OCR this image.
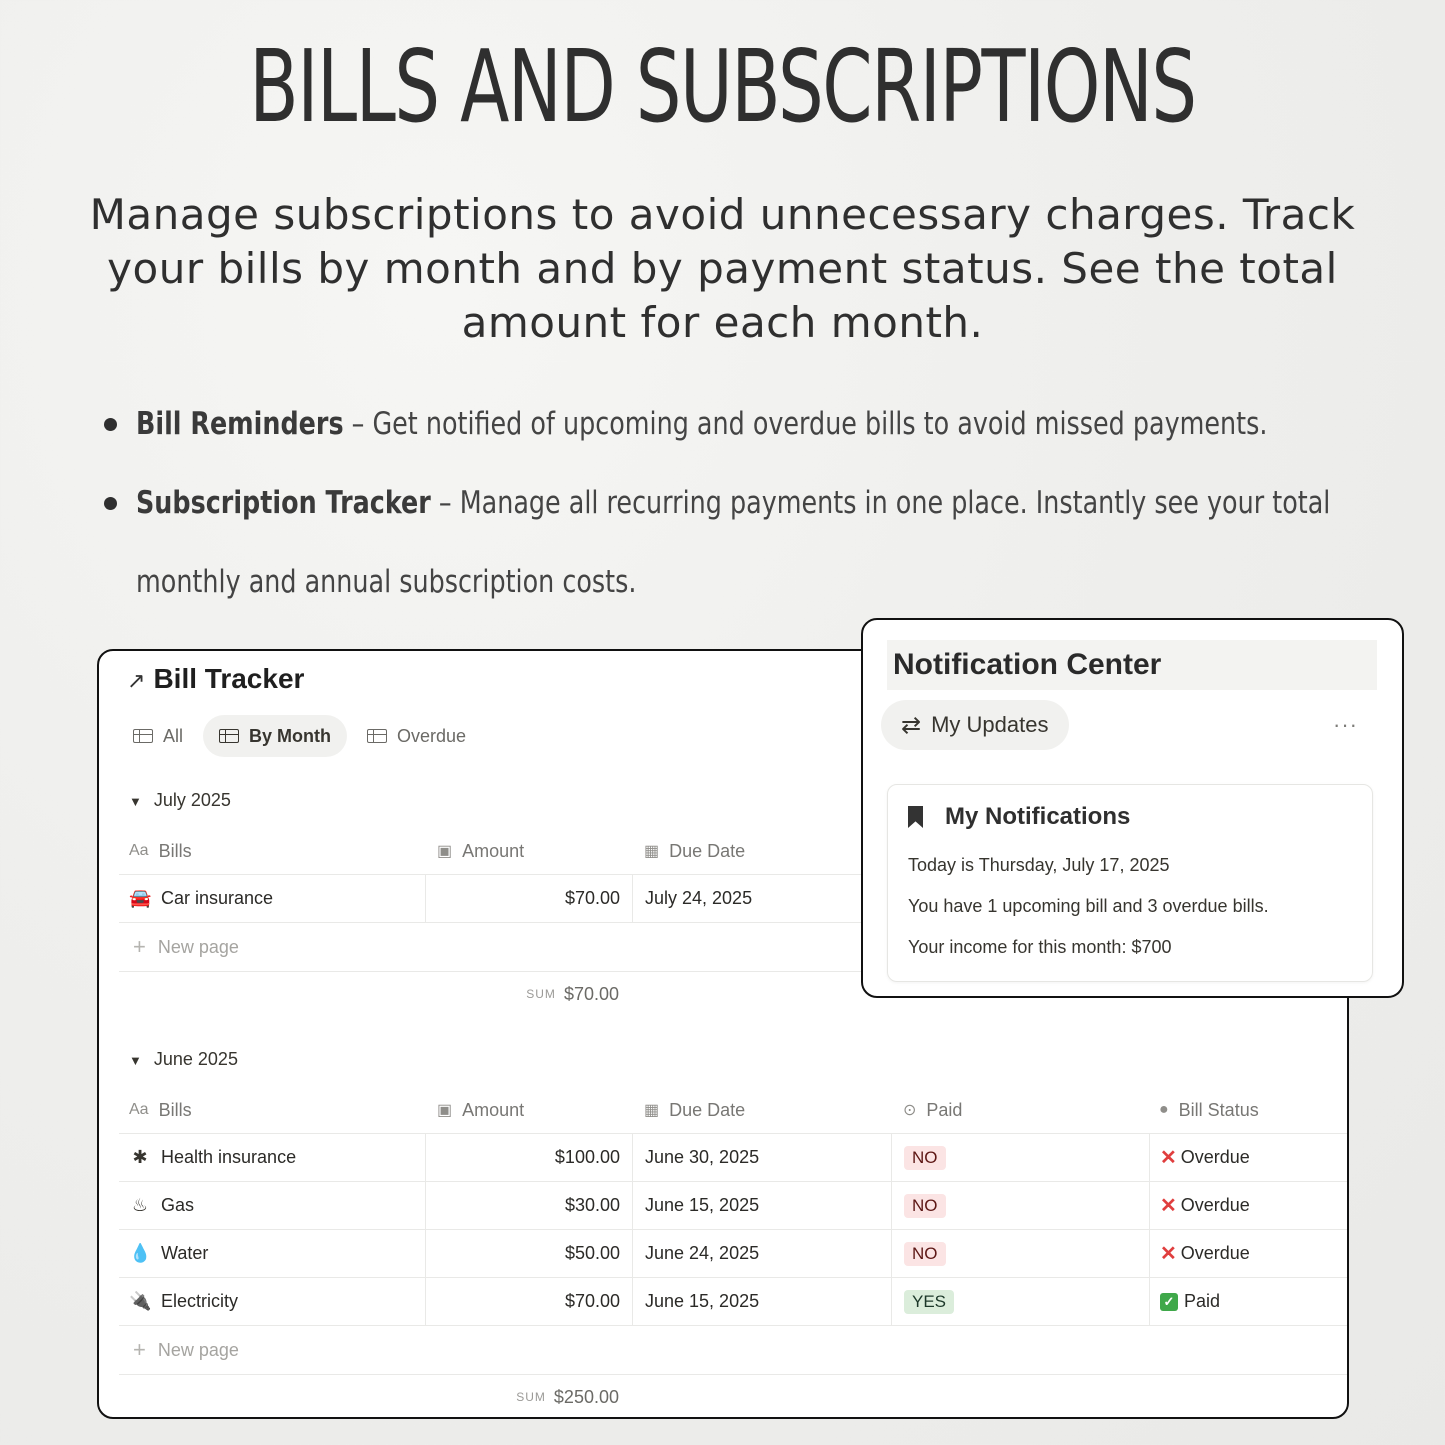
BILLS AND SUBSCRIPTIONS
Manage subscriptions to avoid unnecessary charges. Track your bills by month and by payment status. See the total amount for each month.
Bill Reminders – Get notified of upcoming and overdue bills to avoid missed payments.
Subscription Tracker – Manage all recurring payments in one place. Instantly see your total monthly and annual subscription costs.
↗ Bill Tracker
All	By Month	Overdue
▼ July 2025
Aa Bills	▣ Amount	▦ Due Date
🚘 Car insurance	$70.00 July 24, 2025
+ New page
SUM $70.00
▼ June 2025
Aa Bills	▣ Amount	▦ Due Date	⊙ Paid	● Bill Status
✱ Health insurance	$100.00 June 30, 2025	NO	✕ Overdue
♨ Gas	$30.00 June 15, 2025	NO	✕ Overdue
💧 Water	$50.00 June 24, 2025	NO	✕ Overdue
🔌 Electricity	$70.00 June 15, 2025	YES	✓ Paid
+ New page
SUM $250.00
Notification Center
⇄ My Updates	···
My Notifications
Today is Thursday, July 17, 2025
You have 1 upcoming bill and 3 overdue bills.
Your income for this month: $700
